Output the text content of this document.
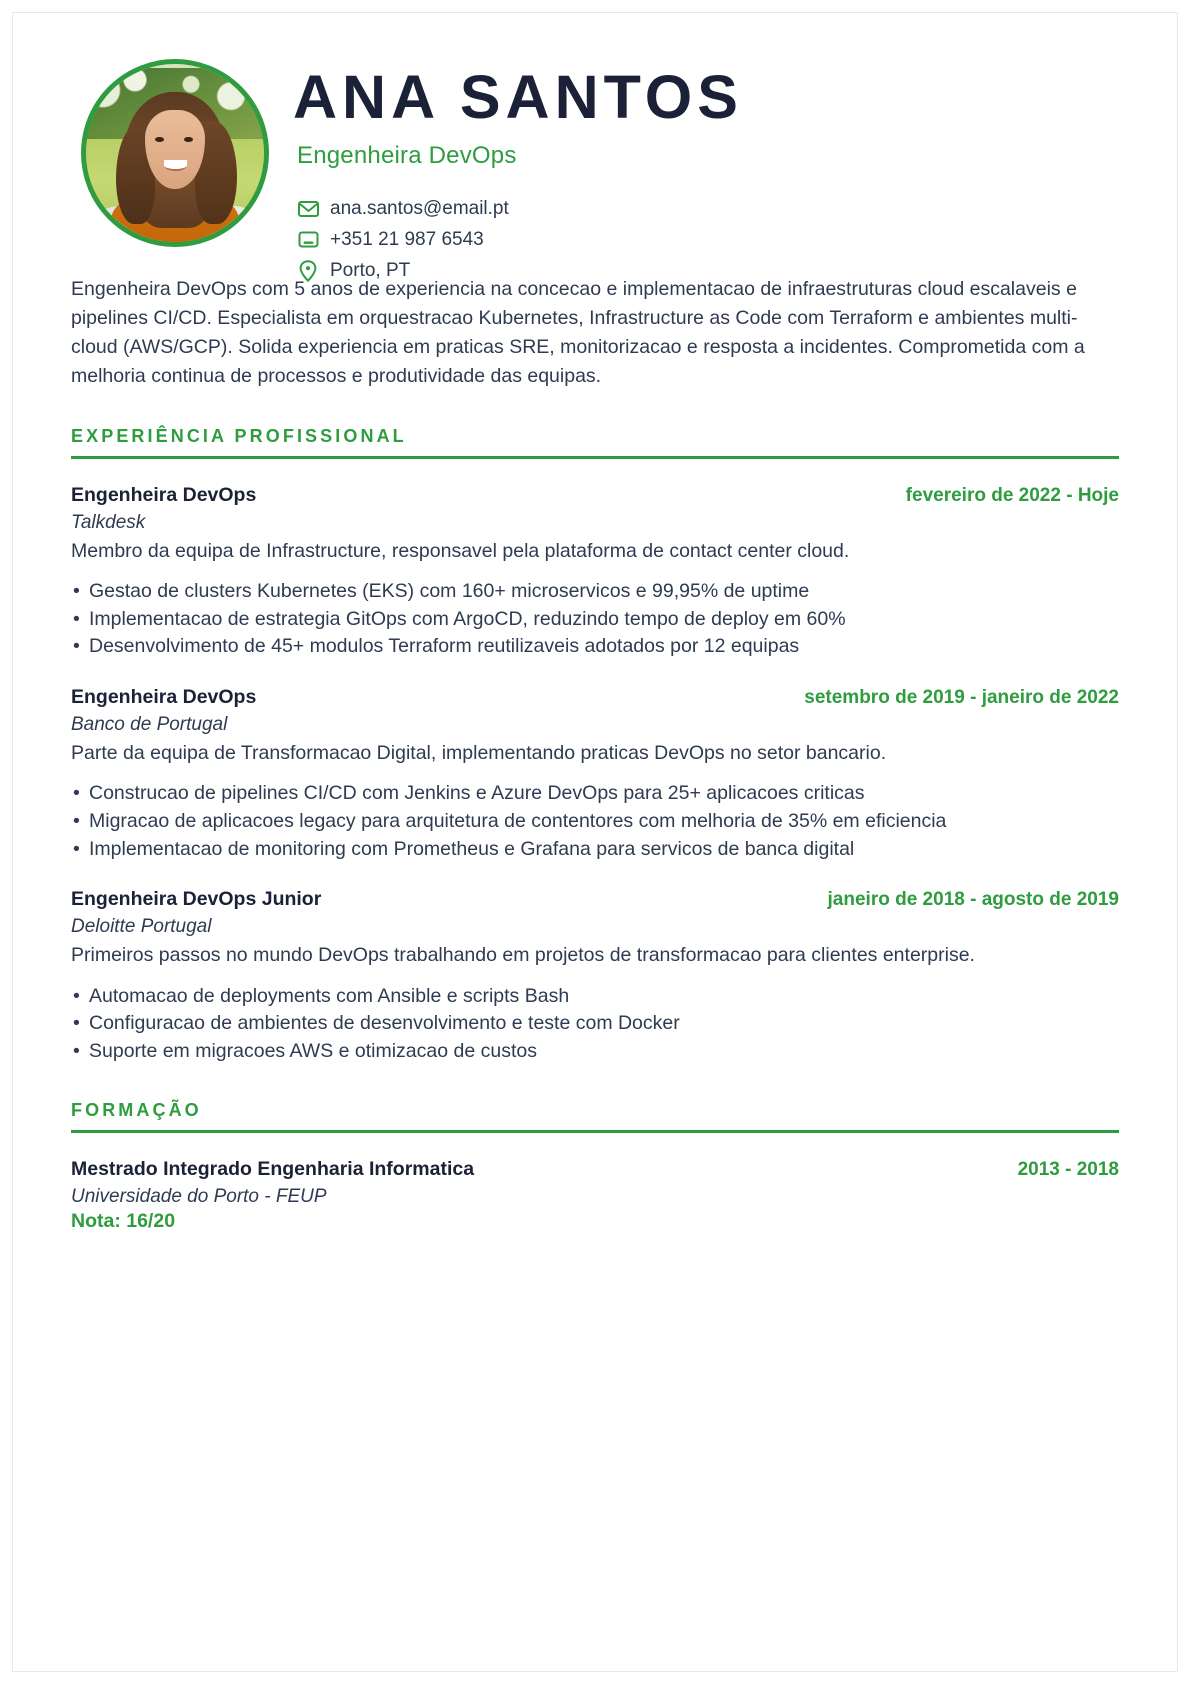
ANA SANTOS
Engenheira DevOps
ana.santos@email.pt
+351 21 987 6543
Porto, PT
Engenheira DevOps com 5 anos de experiencia na concecao e implementacao de infraestruturas cloud escalaveis e pipelines CI/CD. Especialista em orquestracao Kubernetes, Infrastructure as Code com Terraform e ambientes multi-cloud (AWS/GCP). Solida experiencia em praticas SRE, monitorizacao e resposta a incidentes. Comprometida com a melhoria continua de processos e produtividade das equipas.
EXPERIÊNCIA PROFISSIONAL
Engenheira DevOps	fevereiro de 2022 - Hoje
Talkdesk
Membro da equipa de Infrastructure, responsavel pela plataforma de contact center cloud.
• Gestao de clusters Kubernetes (EKS) com 160+ microservicos e 99,95% de uptime
• Implementacao de estrategia GitOps com ArgoCD, reduzindo tempo de deploy em 60%
• Desenvolvimento de 45+ modulos Terraform reutilizaveis adotados por 12 equipas
Engenheira DevOps	setembro de 2019 - janeiro de 2022
Banco de Portugal
Parte da equipa de Transformacao Digital, implementando praticas DevOps no setor bancario.
• Construcao de pipelines CI/CD com Jenkins e Azure DevOps para 25+ aplicacoes criticas
• Migracao de aplicacoes legacy para arquitetura de contentores com melhoria de 35% em eficiencia
• Implementacao de monitoring com Prometheus e Grafana para servicos de banca digital
Engenheira DevOps Junior	janeiro de 2018 - agosto de 2019
Deloitte Portugal
Primeiros passos no mundo DevOps trabalhando em projetos de transformacao para clientes enterprise.
• Automacao de deployments com Ansible e scripts Bash
• Configuracao de ambientes de desenvolvimento e teste com Docker
• Suporte em migracoes AWS e otimizacao de custos
FORMAÇÃO
Mestrado Integrado Engenharia Informatica	2013 - 2018
Universidade do Porto - FEUP
Nota: 16/20
